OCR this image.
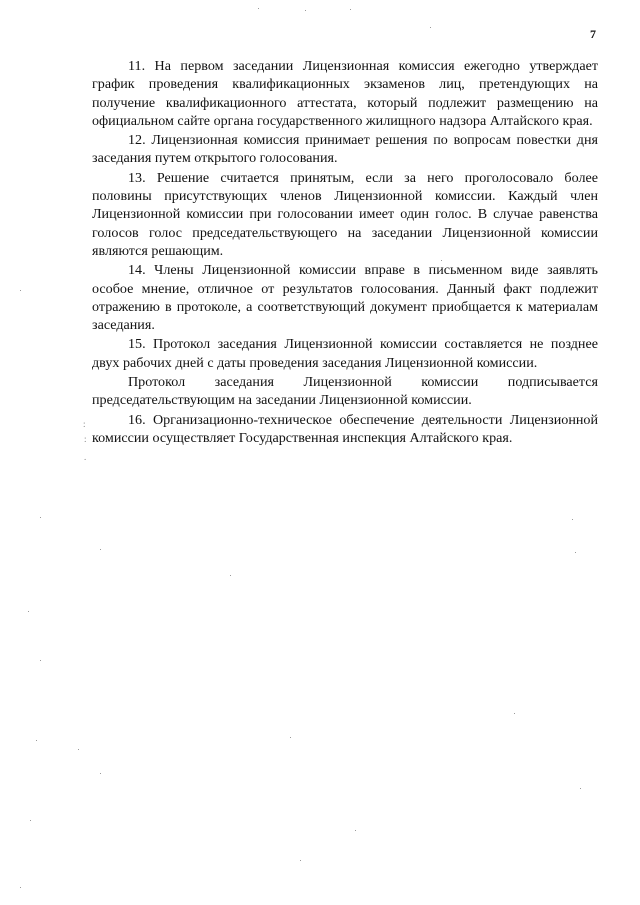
7

11. На первом заседании Лицензионная комиссия ежегодно утверждает график проведения квалификационных экзаменов лиц, претендующих на получение квалификационного аттестата, который подлежит размещению на официальном сайте органа государственного жилищного надзора Алтайского края.

12. Лицензионная комиссия принимает решения по вопросам повестки дня заседания путем открытого голосования.

13. Решение считается принятым, если за него проголосовало более половины присутствующих членов Лицензионной комиссии. Каждый член Лицензионной комиссии при голосовании имеет один голос. В случае равенства голосов голос председательствующего на заседании Лицензионной комиссии являются решающим.

14. Члены Лицензионной комиссии вправе в письменном виде заявлять особое мнение, отличное от результатов голосования. Данный факт подлежит отражению в протоколе, а соответствующий документ приобщается к материалам заседания.

15. Протокол заседания Лицензионной комиссии составляется не позднее двух рабочих дней с даты проведения заседания Лицензионной комиссии.

Протокол заседания Лицензионной комиссии подписывается председательствующим на заседании Лицензионной комиссии.

16. Организационно-техническое обеспечение деятельности Лицензионной комиссии осуществляет Государственная инспекция Алтайского края.

:
:
.
